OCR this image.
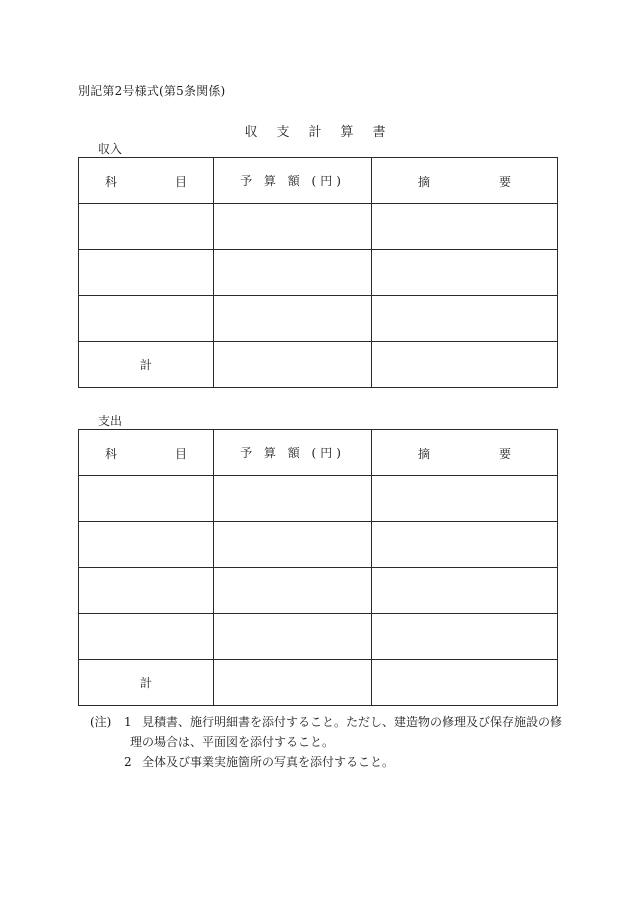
別記第2号様式(第5条関係)
収支計算書
収入
科 目	予 算 額 (円)	摘 要

計		
支出
科 目	予 算 額 (円)	摘 要

計		
(注) 1 見積書、施行明細書を添付すること。ただし、建造物の修理及び保存施設の修
理の場合は、平面図を添付すること。
2 全体及び事業実施箇所の写真を添付すること。
